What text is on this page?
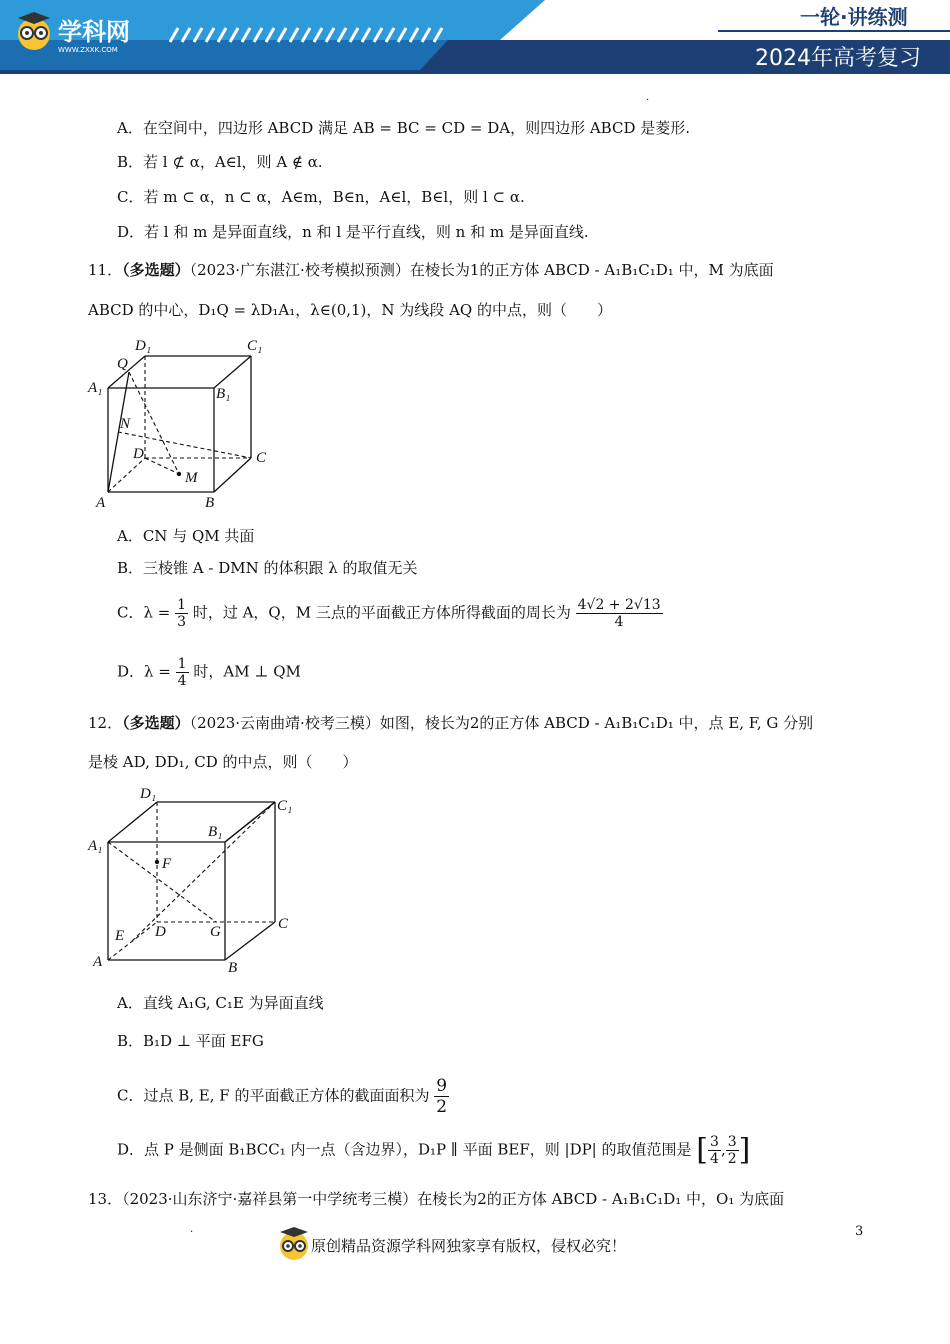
学科网
WWW.ZXXK.COM
一轮·讲练测
2024年高考复习
.
A．在空间中，四边形 ABCD 满足 AB = BC = CD = DA，则四边形 ABCD 是菱形.
B．若 l ⊄ α，A∈l，则 A ∉ α.
C．若 m ⊂ α，n ⊂ α，A∈m，B∈n，A∈l，B∈l，则 l ⊂ α.
D．若 l 和 m 是异面直线，n 和 l 是平行直线，则 n 和 m 是异面直线.
11．（多选题）（2023·广东湛江·校考模拟预测）在棱长为1的正方体 ABCD - A₁B₁C₁D₁ 中，M 为底面
ABCD 的中心，D₁Q = λD₁A₁，λ∈(0,1)，N 为线段 AQ 的中点，则（　　）
D₁	C₁
Q
A₁	B₁
N
D	C
M
A	B
A．CN 与 QM 共面
B．三棱锥 A - DMN 的体积跟 λ 的取值无关
C．$\lambda = \frac{1}{3}$ 时，过 A，Q，M 三点的平面截正方体所得截面的周长为 $\frac{4√2 + 2√13}{4}$
D．$\lambda = \frac{1}{4}$ 时，AM ⊥ QM
12．（多选题）（2023·云南曲靖·校考三模）如图，棱长为2的正方体 ABCD - A₁B₁C₁D₁ 中，点 E, F, G 分别
是棱 AD, DD₁, CD 的中点，则（　　）
D₁
C₁
A₁
B₁
F
E D	G	C
A	B
A．直线 A₁G, C₁E 为异面直线
B．B₁D ⊥ 平面 EFG
C．过点 B, E, F 的平面截正方体的截面面积为 $\frac{9}{2}$
D．点 P 是侧面 B₁BCC₁ 内一点（含边界），D₁P ∥ 平面 BEF，则 |DP| 的取值范围是 [ $\frac{3}{4}$ , $\frac{3}{2}$ ]
13．（2023·山东济宁·嘉祥县第一中学统考三模）在棱长为2的正方体 ABCD - A₁B₁C₁D₁ 中，O₁ 为底面
.
原创精品资源学科网独家享有版权，侵权必究！
3
